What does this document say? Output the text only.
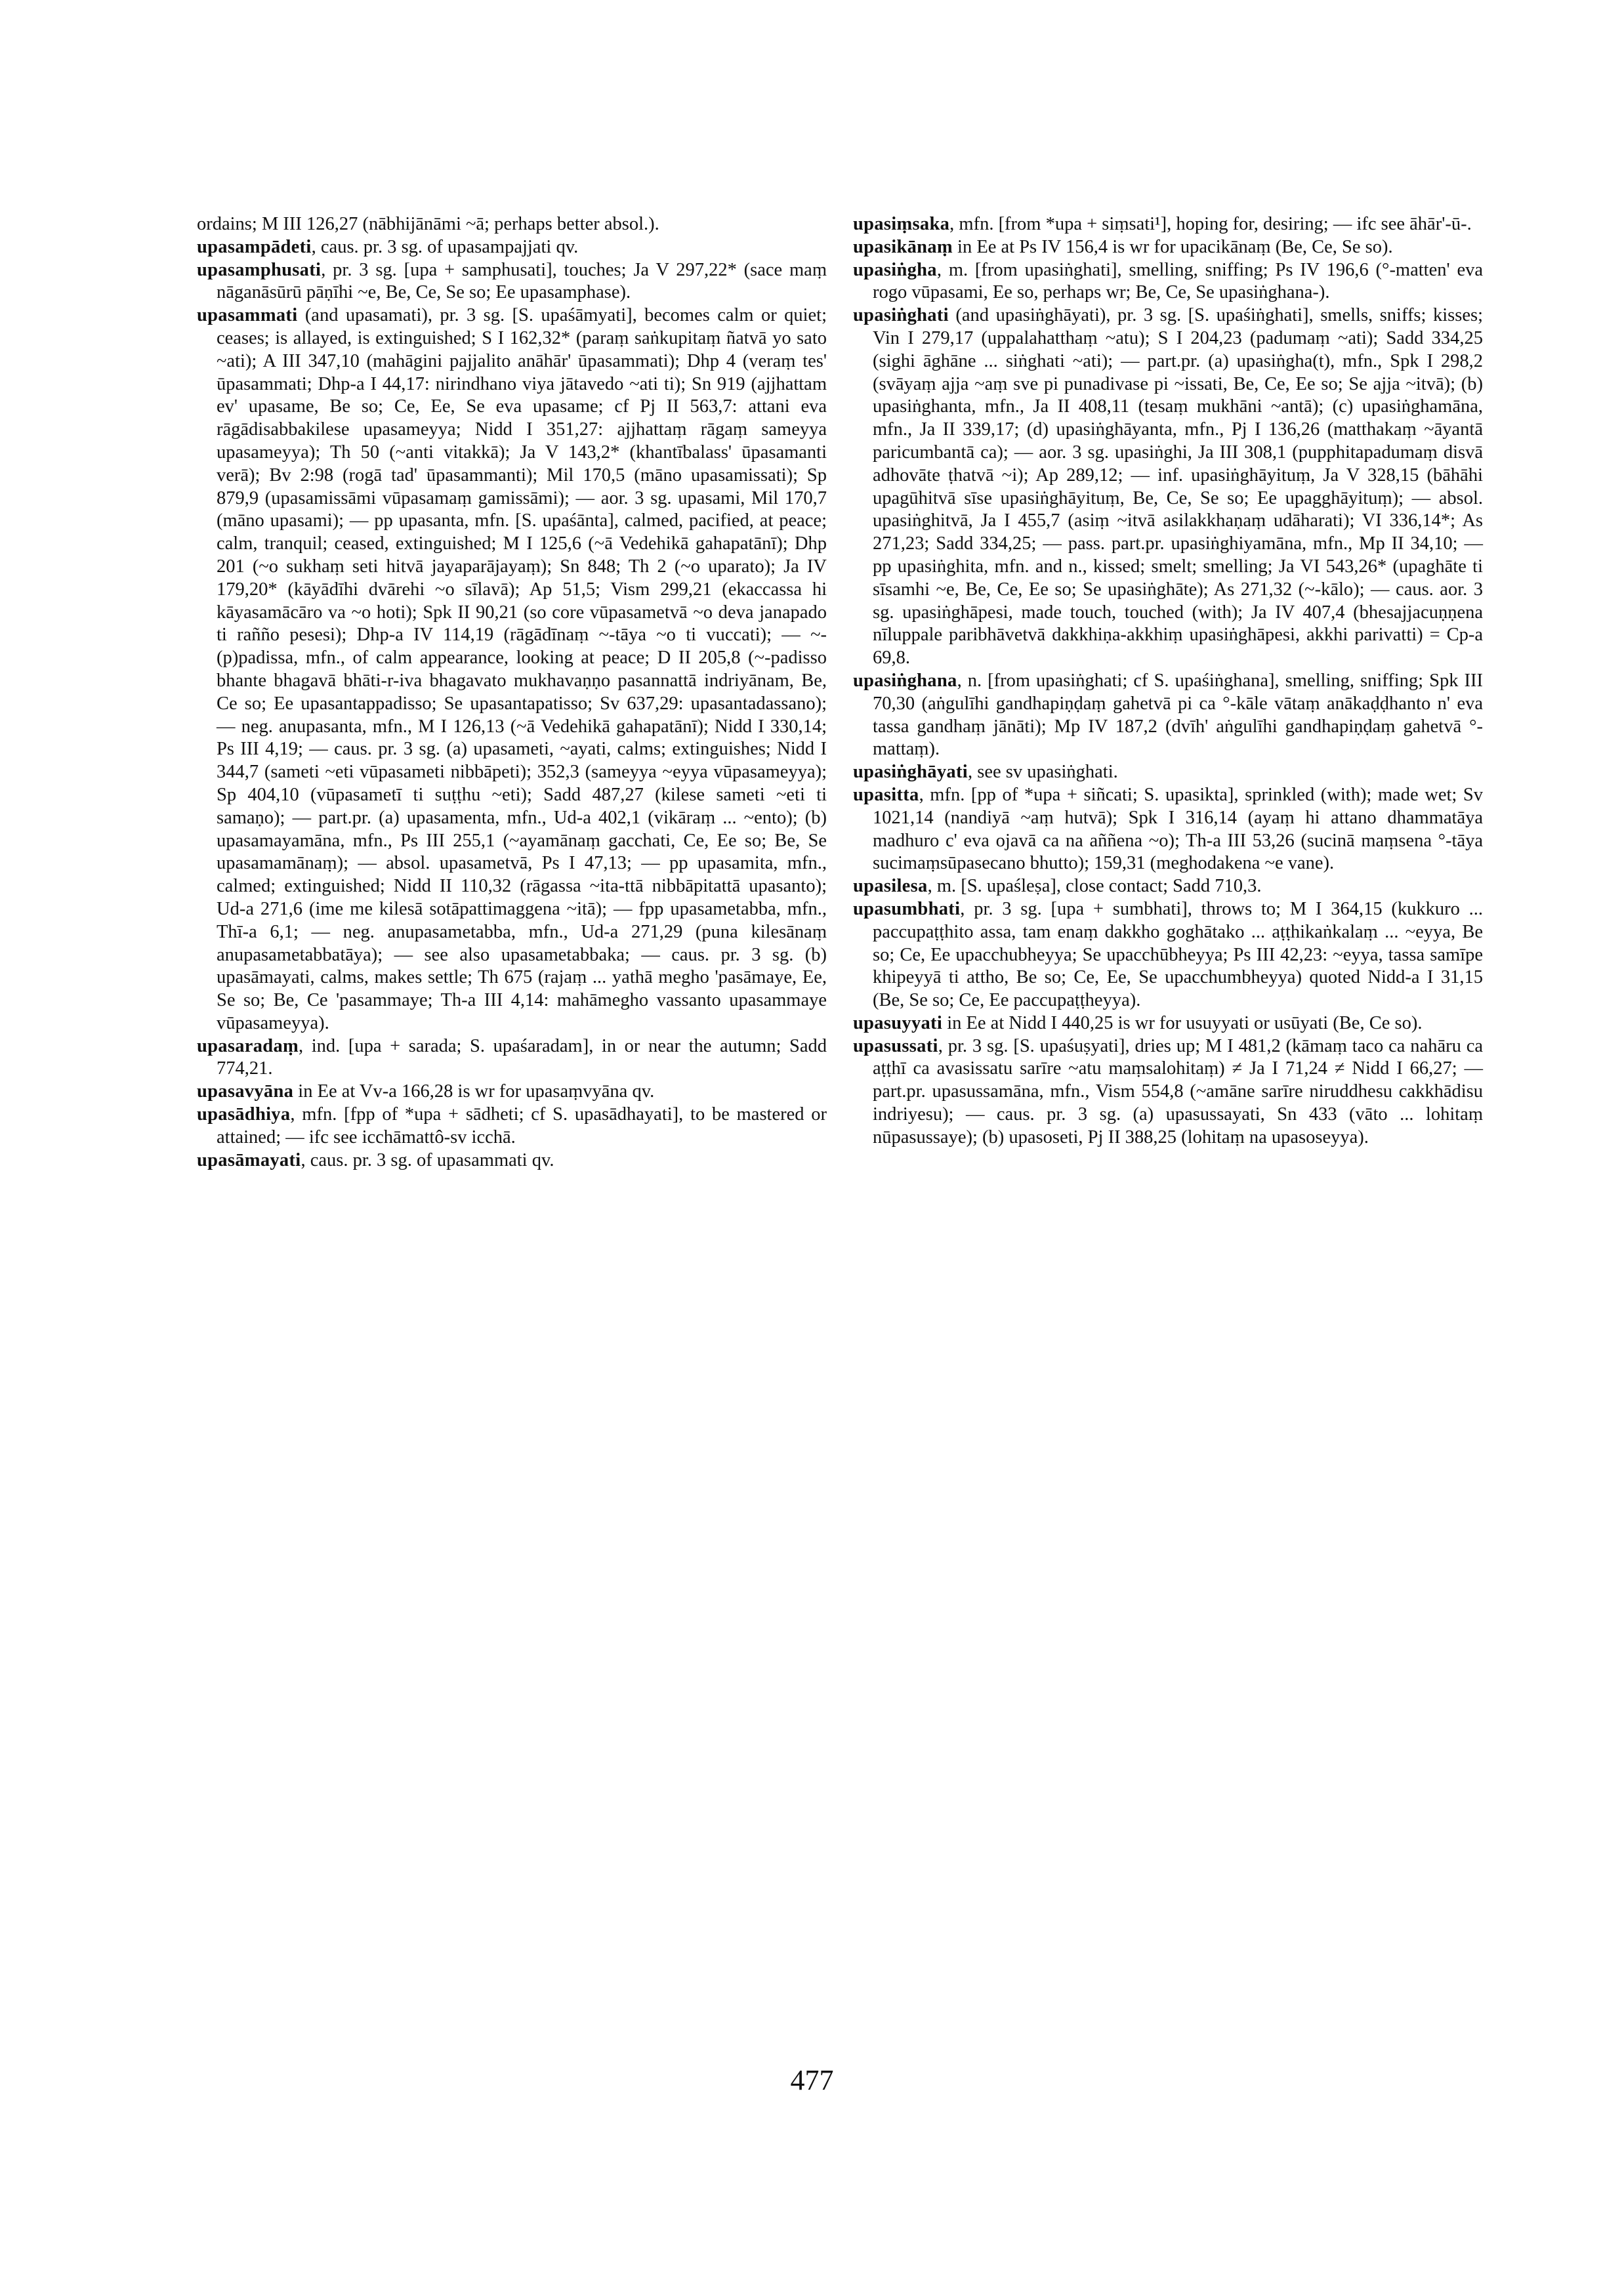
ordains; M III 126,27 (nābhijānāmi ~ā; perhaps better absol.).
upasampādeti, caus. pr. 3 sg. of upasampajjati qv.
upasamphusati, pr. 3 sg. [upa + samphusati], touches; Ja V 297,22* (sace maṃ nāganāsūrū pāṇīhi ~e, Be, Ce, Se so; Ee upasamphase).
upasammati (and upasamati), pr. 3 sg. [S. upaśāmyati], becomes calm or quiet; ceases; is allayed, is extinguished; S I 162,32* (paraṃ saṅkupitaṃ ñatvā yo sato ~ati); A III 347,10 (mahāgini pajjalito anāhār' ūpasammati); Dhp 4 (veraṃ tes' ūpasammati; Dhp-a I 44,17: nirindhano viya jātavedo ~ati ti); Sn 919 (ajjhattam ev' upasame, Be so; Ce, Ee, Se eva upasame; cf Pj II 563,7: attani eva rāgādisabbakilese upasameyya; Nidd I 351,27: ajjhattaṃ rāgaṃ sameyya upasameyya); Th 50 (~anti vitakkā); Ja V 143,2* (khantībalass' ūpasamanti verā); Bv 2:98 (rogā tad' ūpasammanti); Mil 170,5 (māno upasamissati); Sp 879,9 (upasamissāmi vūpasamaṃ gamissāmi); — aor. 3 sg. upasami, Mil 170,7 (māno upasami); — pp upasanta, mfn. [S. upaśānta], calmed, pacified, at peace; calm, tranquil; ceased, extinguished; M I 125,6 (~ā Vedehikā gahapatānī); Dhp 201 (~o sukhaṃ seti hitvā jayaparājayaṃ); Sn 848; Th 2 (~o uparato); Ja IV 179,20* (kāyādīhi dvārehi ~o sīlavā); Ap 51,5; Vism 299,21 (ekaccassa hi kāyasamācāro va ~o hoti); Spk II 90,21 (so core vūpasametvā ~o deva janapado ti rañño pesesi); Dhp-a IV 114,19 (rāgādīnaṃ ~-tāya ~o ti vuccati); — ~-(p)padissa, mfn., of calm appearance, looking at peace; D II 205,8 (~-padisso bhante bhagavā bhāti-r-iva bhagavato mukhavaṇṇo pasannattā indriyānam, Be, Ce so; Ee upasantappadisso; Se upasantapatisso; Sv 637,29: upasantadassano); — neg. anupasanta, mfn., M I 126,13 (~ā Vedehikā gahapatānī); Nidd I 330,14; Ps III 4,19; — caus. pr. 3 sg. (a) upasameti, ~ayati, calms; extinguishes; Nidd I 344,7 (sameti ~eti vūpasameti nibbāpeti); 352,3 (sameyya ~eyya vūpasameyya); Sp 404,10 (vūpasametī ti suṭṭhu ~eti); Sadd 487,27 (kilese sameti ~eti ti samaṇo); — part.pr. (a) upasamenta, mfn., Ud-a 402,1 (vikāraṃ ... ~ento); (b) upasamayamāna, mfn., Ps III 255,1 (~ayamānaṃ gacchati, Ce, Ee so; Be, Se upasamamānaṃ); — absol. upasametvā, Ps I 47,13; — pp upasamita, mfn., calmed; extinguished; Nidd II 110,32 (rāgassa ~ita-ttā nibbāpitattā upasanto); Ud-a 271,6 (ime me kilesā sotāpattimaggena ~itā); — fpp upasametabba, mfn., Thī-a 6,1; — neg. anupasametabba, mfn., Ud-a 271,29 (puna kilesānaṃ anupasametabbatāya); — see also upasametabbaka; — caus. pr. 3 sg. (b) upasāmayati, calms, makes settle; Th 675 (rajaṃ ... yathā megho 'pasāmaye, Ee, Se so; Be, Ce 'pasammaye; Th-a III 4,14: mahāmegho vassanto upasammaye vūpasameyya).
upasaradaṃ, ind. [upa + sarada; S. upaśaradam], in or near the autumn; Sadd 774,21.
upasavyāna in Ee at Vv-a 166,28 is wr for upasaṃvyāna qv.
upasādhiya, mfn. [fpp of *upa + sādheti; cf S. upasādhayati], to be mastered or attained; — ifc see icchāmattô-sv icchā.
upasāmayati, caus. pr. 3 sg. of upasammati qv.
upasiṃsaka, mfn. [from *upa + siṃsati¹], hoping for, desiring; — ifc see āhār'-ū-.
upasikānaṃ in Ee at Ps IV 156,4 is wr for upacikānaṃ (Be, Ce, Se so).
upasiṅgha, m. [from upasiṅghati], smelling, sniffing; Ps IV 196,6 (°-matten' eva rogo vūpasami, Ee so, perhaps wr; Be, Ce, Se upasiṅghana-).
upasiṅghati (and upasiṅghāyati), pr. 3 sg. [S. upaśiṅghati], smells, sniffs; kisses; Vin I 279,17 (uppalahatthaṃ ~atu); S I 204,23 (padumaṃ ~ati); Sadd 334,25 (sighi āghāne ... siṅghati ~ati); — part.pr. (a) upasiṅgha(t), mfn., Spk I 298,2 (svāyaṃ ajja ~aṃ sve pi punadivase pi ~issati, Be, Ce, Ee so; Se ajja ~itvā); (b) upasiṅghanta, mfn., Ja II 408,11 (tesaṃ mukhāni ~antā); (c) upasiṅghamāna, mfn., Ja II 339,17; (d) upasiṅghāyanta, mfn., Pj I 136,26 (matthakaṃ ~āyantā paricumbantā ca); — aor. 3 sg. upasiṅghi, Ja III 308,1 (pupphitapadumaṃ disvā adhovāte ṭhatvā ~i); Ap 289,12; — inf. upasiṅghāyituṃ, Ja V 328,15 (bāhāhi upagūhitvā sīse upasiṅghāyituṃ, Be, Ce, Se so; Ee upagghāyituṃ); — absol. upasiṅghitvā, Ja I 455,7 (asiṃ ~itvā asilakkhaṇaṃ udāharati); VI 336,14*; As 271,23; Sadd 334,25; — pass. part.pr. upasiṅghiyamāna, mfn., Mp II 34,10; — pp upasiṅghita, mfn. and n., kissed; smelt; smelling; Ja VI 543,26* (upaghāte ti sīsamhi ~e, Be, Ce, Ee so; Se upasiṅghāte); As 271,32 (~-kālo); — caus. aor. 3 sg. upasiṅghāpesi, made touch, touched (with); Ja IV 407,4 (bhesajjacuṇṇena nīluppale paribhāvetvā dakkhiṇa-akkhiṃ upasiṅghāpesi, akkhi parivatti) = Cp-a 69,8.
upasiṅghana, n. [from upasiṅghati; cf S. upaśiṅghana], smelling, sniffing; Spk III 70,30 (aṅgulīhi gandhapiṇḍaṃ gahetvā pi ca °-kāle vātaṃ anākaḍḍhanto n' eva tassa gandhaṃ jānāti); Mp IV 187,2 (dvīh' aṅgulīhi gandhapiṇḍaṃ gahetvā °-mattaṃ).
upasiṅghāyati, see sv upasiṅghati.
upasitta, mfn. [pp of *upa + siñcati; S. upasikta], sprinkled (with); made wet; Sv 1021,14 (nandiyā ~aṃ hutvā); Spk I 316,14 (ayaṃ hi attano dhammatāya madhuro c' eva ojavā ca na aññena ~o); Th-a III 53,26 (sucinā maṃsena °-tāya sucimaṃsūpasecano bhutto); 159,31 (meghodakena ~e vane).
upasilesa, m. [S. upaśleṣa], close contact; Sadd 710,3.
upasumbhati, pr. 3 sg. [upa + sumbhati], throws to; M I 364,15 (kukkuro ... paccupaṭṭhito assa, tam enaṃ dakkho goghātako ... aṭṭhikaṅkalaṃ ... ~eyya, Be so; Ce, Ee upacchubheyya; Se upacchūbheyya; Ps III 42,23: ~eyya, tassa samīpe khipeyyā ti attho, Be so; Ce, Ee, Se upacchumbheyya) quoted Nidd-a I 31,15 (Be, Se so; Ce, Ee paccupaṭṭheyya).
upasuyyati in Ee at Nidd I 440,25 is wr for usuyyati or usūyati (Be, Ce so).
upasussati, pr. 3 sg. [S. upaśuṣyati], dries up; M I 481,2 (kāmaṃ taco ca nahāru ca aṭṭhī ca avasissatu sarīre ~atu maṃsalohitaṃ) ≠ Ja I 71,24 ≠ Nidd I 66,27; — part.pr. upasussamāna, mfn., Vism 554,8 (~amāne sarīre niruddhesu cakkhādisu indriyesu); — caus. pr. 3 sg. (a) upasussayati, Sn 433 (vāto ... lohitaṃ nūpasussaye); (b) upasoseti, Pj II 388,25 (lohitaṃ na upasoseyya).
477
